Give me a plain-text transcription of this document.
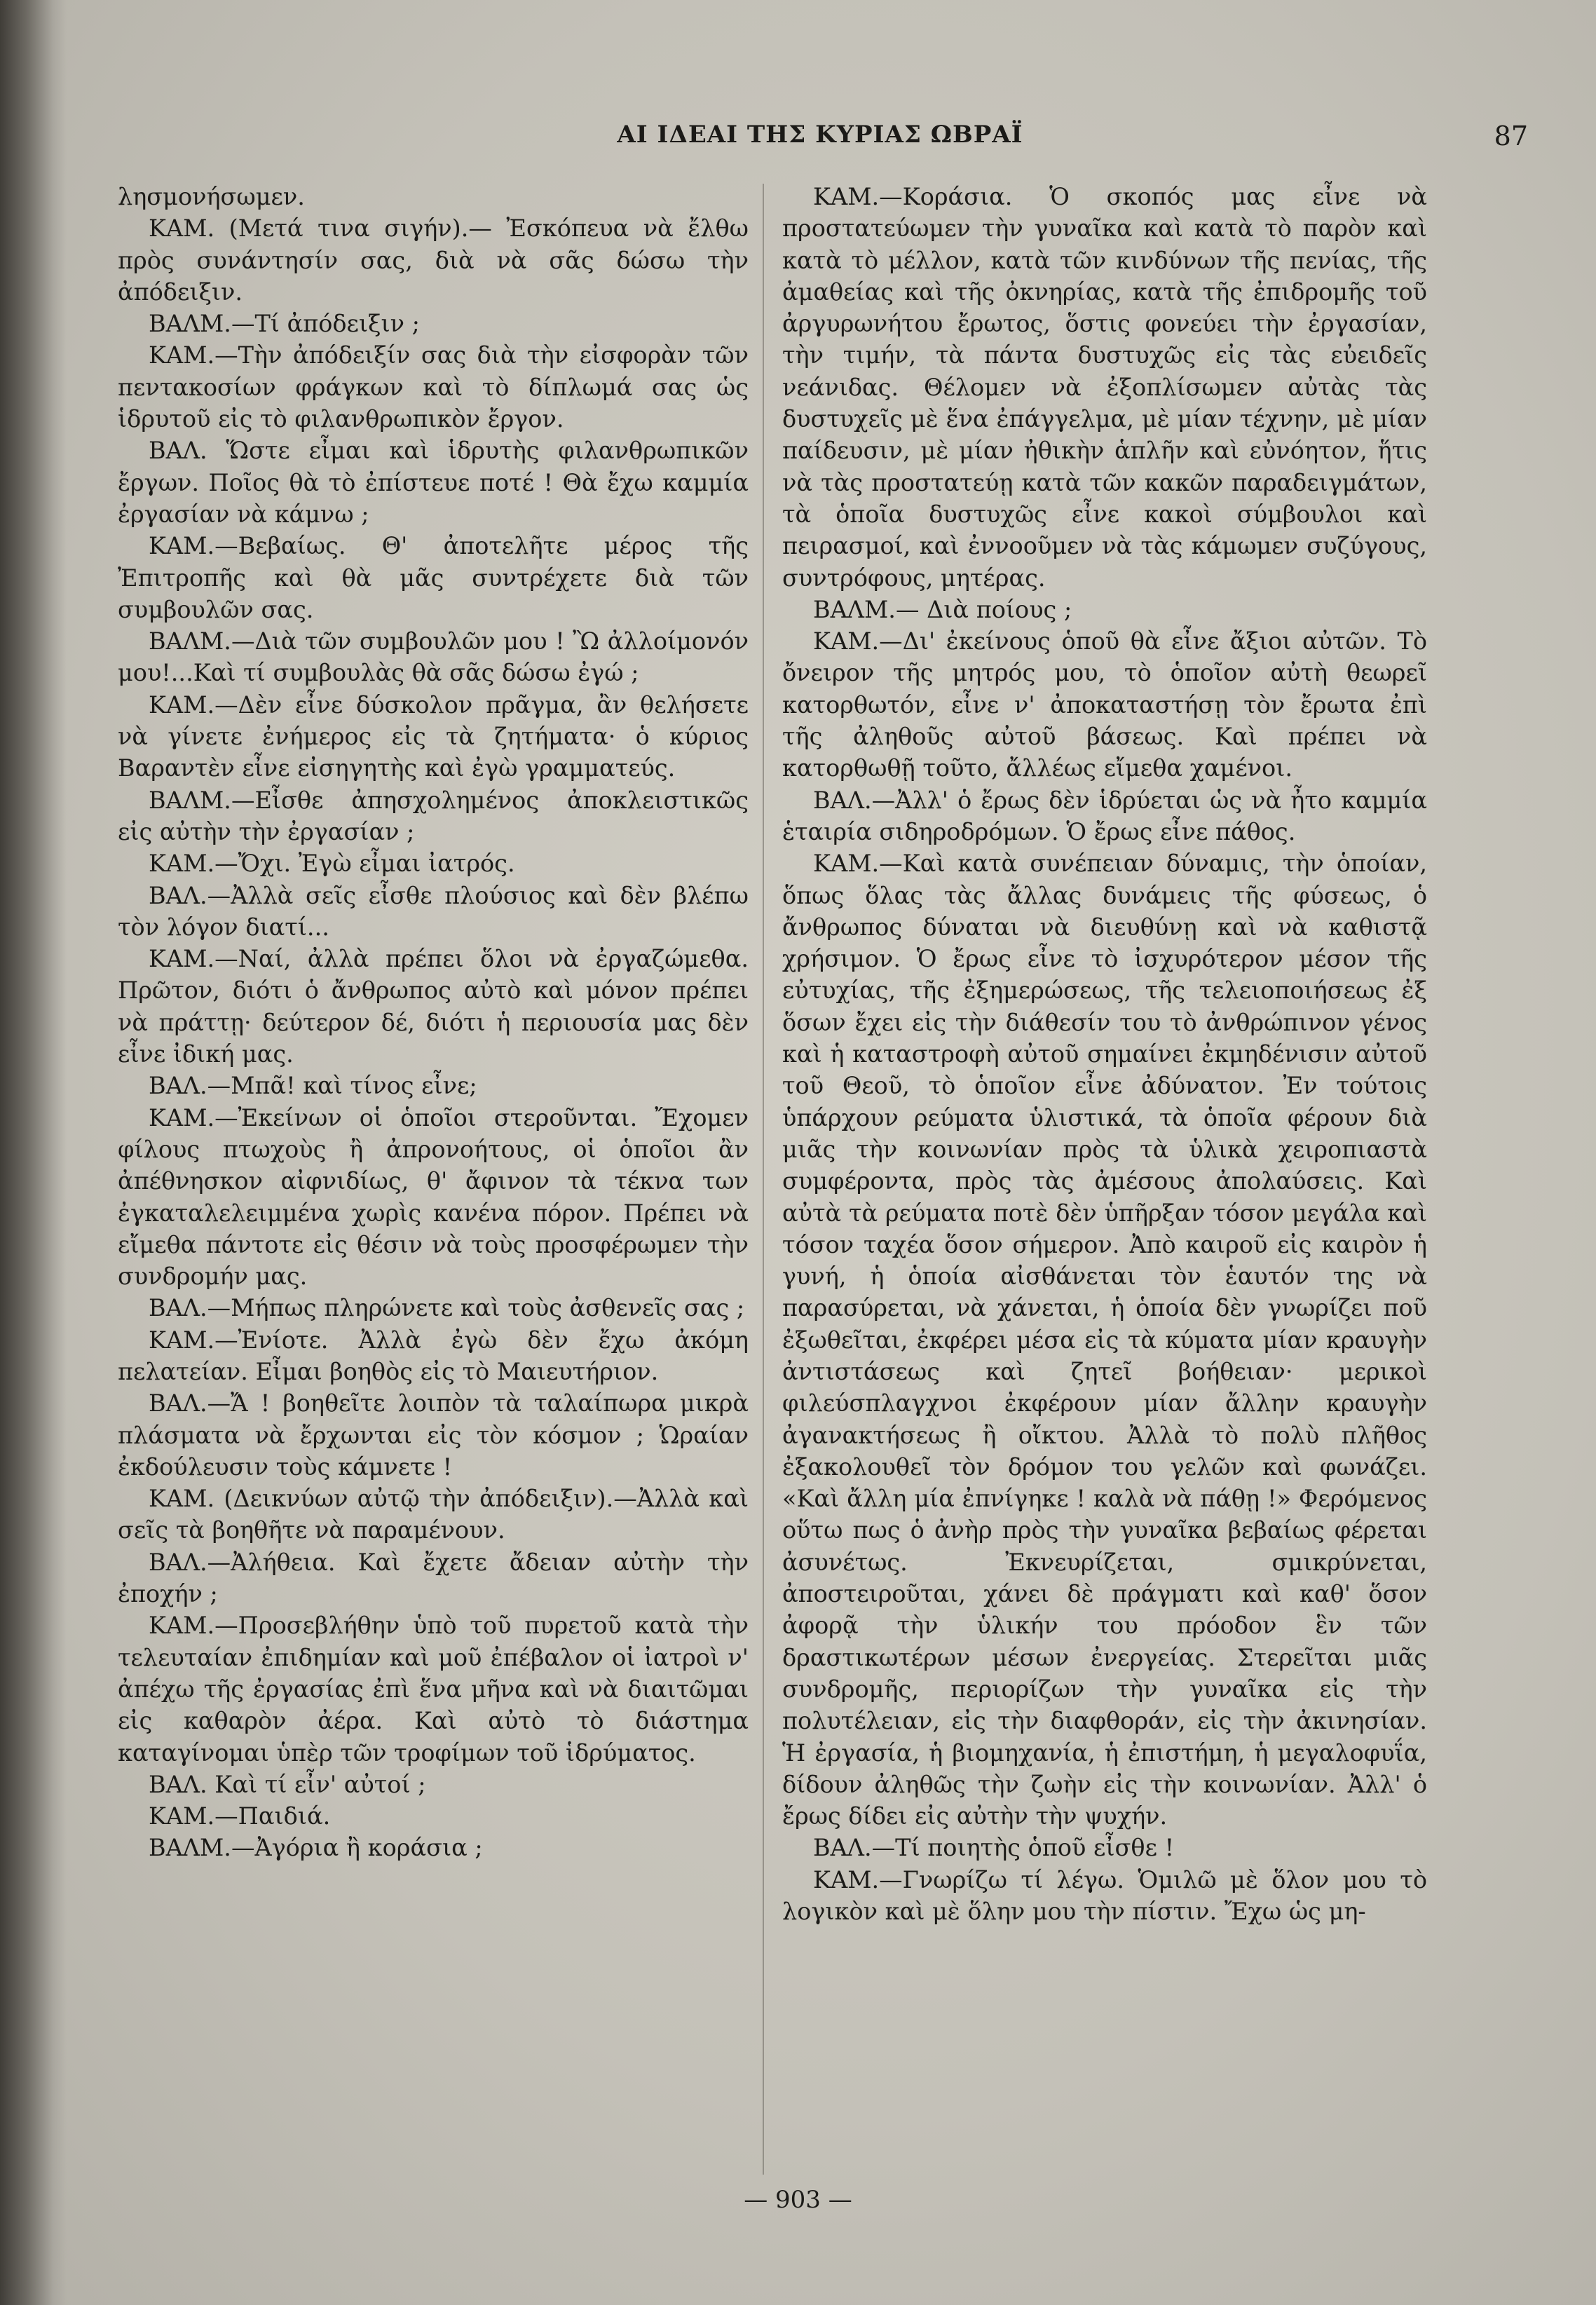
ΑΙ ΙΔΕΑΙ ΤΗΣ ΚΥΡΙΑΣ ΩΒΡΑΪ	87

λησμονήσωμεν.

ΚΑΜ. (Μετά τινα σιγήν).— Ἐσκόπευα νὰ ἔλθω πρὸς συνάντησίν σας, διὰ νὰ σᾶς δώσω τὴν ἀπόδειξιν.

ΒΑΛΜ.—Τί ἀπόδειξιν ;

ΚΑΜ.—Τὴν ἀπόδειξίν σας διὰ τὴν εἰσφορὰν τῶν πεντακοσίων φράγκων καὶ τὸ δίπλωμά σας ὡς ἱδρυτοῦ εἰς τὸ φιλανθρωπικὸν ἔργον.

ΒΑΛ. Ὥστε εἶμαι καὶ ἱδρυτὴς φιλανθρωπικῶν ἔργων. Ποῖος θὰ τὸ ἐπίστευε ποτέ ! Θὰ ἔχω καμμία ἐργασίαν νὰ κάμνω ;

ΚΑΜ.—Βεβαίως. Θ' ἀποτελῆτε μέρος τῆς Ἐπιτροπῆς καὶ θὰ μᾶς συντρέχετε διὰ τῶν συμβουλῶν σας.

ΒΑΛΜ.—Διὰ τῶν συμβουλῶν μου ! Ὢ ἀλλοίμονόν μου!...Καὶ τί συμβουλὰς θὰ σᾶς δώσω ἐγώ ;

ΚΑΜ.—Δὲν εἶνε δύσκολον πρᾶγμα, ἂν θελήσετε νὰ γίνετε ἐνήμερος εἰς τὰ ζητήματα· ὁ κύριος Βαραντὲν εἶνε εἰσηγητὴς καὶ ἐγὼ γραμματεύς.

ΒΑΛΜ.—Εἶσθε ἀπησχολημένος ἀποκλειστικῶς εἰς αὐτὴν τὴν ἐργασίαν ;

ΚΑΜ.—Ὄχι. Ἐγὼ εἶμαι ἰατρός.

ΒΑΛ.—Ἀλλὰ σεῖς εἶσθε πλούσιος καὶ δὲν βλέπω τὸν λόγον διατί...

ΚΑΜ.—Ναί, ἀλλὰ πρέπει ὅλοι νὰ ἐργαζώμεθα. Πρῶτον, διότι ὁ ἄνθρωπος αὐτὸ καὶ μόνον πρέπει νὰ πράττῃ· δεύτερον δέ, διότι ἡ περιουσία μας δὲν εἶνε ἰδική μας.

ΒΑΛ.—Μπᾶ! καὶ τίνος εἶνε;

ΚΑΜ.—Ἐκείνων οἱ ὁποῖοι στεροῦνται. Ἔχομεν φίλους πτωχοὺς ἢ ἀπρονοήτους, οἱ ὁποῖοι ἂν ἀπέθνησκον αἰφνιδίως, θ' ἄφινον τὰ τέκνα των ἐγκαταλελειμμένα χωρὶς κανένα πόρον. Πρέπει νὰ εἴμεθα πάντοτε εἰς θέσιν νὰ τοὺς προσφέρωμεν τὴν συνδρομήν μας.

ΒΑΛ.—Μήπως πληρώνετε καὶ τοὺς ἀσθενεῖς σας ;

ΚΑΜ.—Ἐνίοτε. Ἀλλὰ ἐγὼ δὲν ἔχω ἀκόμη πελατείαν. Εἶμαι βοηθὸς εἰς τὸ Μαιευτήριον.

ΒΑΛ.—Ἄ ! βοηθεῖτε λοιπὸν τὰ ταλαίπωρα μικρὰ πλάσματα νὰ ἔρχωνται εἰς τὸν κόσμον ; Ὡραίαν ἐκδούλευσιν τοὺς κάμνετε !

ΚΑΜ. (Δεικνύων αὐτῷ τὴν ἀπόδειξιν).—Ἀλλὰ καὶ σεῖς τὰ βοηθῆτε νὰ παραμένουν.

ΒΑΛ.—Ἀλήθεια. Καὶ ἔχετε ἄδειαν αὐτὴν τὴν ἐποχήν ;

ΚΑΜ.—Προσεβλήθην ὑπὸ τοῦ πυρετοῦ κατὰ τὴν τελευταίαν ἐπιδημίαν καὶ μοῦ ἐπέβαλον οἱ ἰατροὶ ν' ἀπέχω τῆς ἐργασίας ἐπὶ ἕνα μῆνα καὶ νὰ διαιτῶμαι εἰς καθαρὸν ἀέρα. Καὶ αὐτὸ τὸ διάστημα καταγίνομαι ὑπὲρ τῶν τροφίμων τοῦ ἱδρύματος.

ΒΑΛ. Καὶ τί εἶν' αὐτοί ;

ΚΑΜ.—Παιδιά.

ΒΑΛΜ.—Ἀγόρια ἢ κοράσια ;

ΚΑΜ.—Κοράσια. Ὁ σκοπός μας εἶνε νὰ προστατεύωμεν τὴν γυναῖκα καὶ κατὰ τὸ παρὸν καὶ κατὰ τὸ μέλλον, κατὰ τῶν κινδύνων τῆς πενίας, τῆς ἀμαθείας καὶ τῆς ὀκνηρίας, κατὰ τῆς ἐπιδρομῆς τοῦ ἀργυρωνήτου ἔρωτος, ὅστις φονεύει τὴν ἐργασίαν, τὴν τιμήν, τὰ πάντα δυστυχῶς εἰς τὰς εὐειδεῖς νεάνιδας. Θέλομεν νὰ ἐξοπλίσωμεν αὐτὰς τὰς δυστυχεῖς μὲ ἕνα ἐπάγγελμα, μὲ μίαν τέχνην, μὲ μίαν παίδευσιν, μὲ μίαν ἠθικὴν ἁπλῆν καὶ εὐνόητον, ἥτις νὰ τὰς προστατεύῃ κατὰ τῶν κακῶν παραδειγμάτων, τὰ ὁποῖα δυστυχῶς εἶνε κακοὶ σύμβουλοι καὶ πειρασμοί, καὶ ἐννοοῦμεν νὰ τὰς κάμωμεν συζύγους, συντρόφους, μητέρας.

ΒΑΛΜ.— Διὰ ποίους ;

ΚΑΜ.—Δι' ἐκείνους ὁποῦ θὰ εἶνε ἄξιοι αὐτῶν. Τὸ ὄνειρον τῆς μητρός μου, τὸ ὁποῖον αὐτὴ θεωρεῖ κατορθωτόν, εἶνε ν' ἀποκαταστήσῃ τὸν ἔρωτα ἐπὶ τῆς ἀληθοῦς αὐτοῦ βάσεως. Καὶ πρέπει νὰ κατορθωθῇ τοῦτο, ἄλλέως εἴμεθα χαμένοι.

ΒΑΛ.—Ἀλλ' ὁ ἔρως δὲν ἱδρύεται ὡς νὰ ἦτο καμμία ἑταιρία σιδηροδρόμων. Ὁ ἔρως εἶνε πάθος.

ΚΑΜ.—Καὶ κατὰ συνέπειαν δύναμις, τὴν ὁποίαν, ὅπως ὅλας τὰς ἄλλας δυνάμεις τῆς φύσεως, ὁ ἄνθρωπος δύναται νὰ διευθύνῃ καὶ νὰ καθιστᾷ χρήσιμον. Ὁ ἔρως εἶνε τὸ ἰσχυρότερον μέσον τῆς εὐτυχίας, τῆς ἐξημερώσεως, τῆς τελειοποιήσεως ἐξ ὅσων ἔχει εἰς τὴν διάθεσίν του τὸ ἀνθρώπινον γένος καὶ ἡ καταστροφὴ αὐτοῦ σημαίνει ἐκμηδένισιν αὐτοῦ τοῦ Θεοῦ, τὸ ὁποῖον εἶνε ἀδύνατον. Ἐν τούτοις ὑπάρχουν ρεύματα ὑλιστικά, τὰ ὁποῖα φέρουν διὰ μιᾶς τὴν κοινωνίαν πρὸς τὰ ὑλικὰ χειροπιαστὰ συμφέροντα, πρὸς τὰς ἀμέσους ἀπολαύσεις. Καὶ αὐτὰ τὰ ρεύματα ποτὲ δὲν ὑπῆρξαν τόσον μεγάλα καὶ τόσον ταχέα ὅσον σήμερον. Ἀπὸ καιροῦ εἰς καιρὸν ἡ γυνή, ἡ ὁποία αἰσθάνεται τὸν ἑαυτόν της νὰ παρασύρεται, νὰ χάνεται, ἡ ὁποία δὲν γνωρίζει ποῦ ἐξωθεῖται, ἐκφέρει μέσα εἰς τὰ κύματα μίαν κραυγὴν ἀντιστάσεως καὶ ζητεῖ βοήθειαν· μερικοὶ φιλεύσπλαγχνοι ἐκφέρουν μίαν ἄλλην κραυγὴν ἀγανακτήσεως ἢ οἴκτου. Ἀλλὰ τὸ πολὺ πλῆθος ἐξακολουθεῖ τὸν δρόμον του γελῶν καὶ φωνάζει. «Καὶ ἄλλη μία ἐπνίγηκε ! καλὰ νὰ πάθῃ !» Φερόμενος οὕτω πως ὁ ἀνὴρ πρὸς τὴν γυναῖκα βεβαίως φέρεται ἀσυνέτως. Ἐκνευρίζεται, σμικρύνεται, ἀποστειροῦται, χάνει δὲ πράγματι καὶ καθ' ὅσον ἀφορᾷ τὴν ὑλικήν του πρόοδον ἓν τῶν δραστικωτέρων μέσων ἐνεργείας. Στερεῖται μιᾶς συνδρομῆς, περιορίζων τὴν γυναῖκα εἰς τὴν πολυτέλειαν, εἰς τὴν διαφθοράν, εἰς τὴν ἀκινησίαν. Ἡ ἐργασία, ἡ βιομηχανία, ἡ ἐπιστήμη, ἡ μεγαλοφυΐα, δίδουν ἀληθῶς τὴν ζωὴν εἰς τὴν κοινωνίαν. Ἀλλ' ὁ ἔρως δίδει εἰς αὐτὴν τὴν ψυχήν.

ΒΑΛ.—Τί ποιητὴς ὁποῦ εἶσθε !

ΚΑΜ.—Γνωρίζω τί λέγω. Ὁμιλῶ μὲ ὅλον μου τὸ λογικὸν καὶ μὲ ὅλην μου τὴν πίστιν. Ἔχω ὡς μη-

— 903 —
